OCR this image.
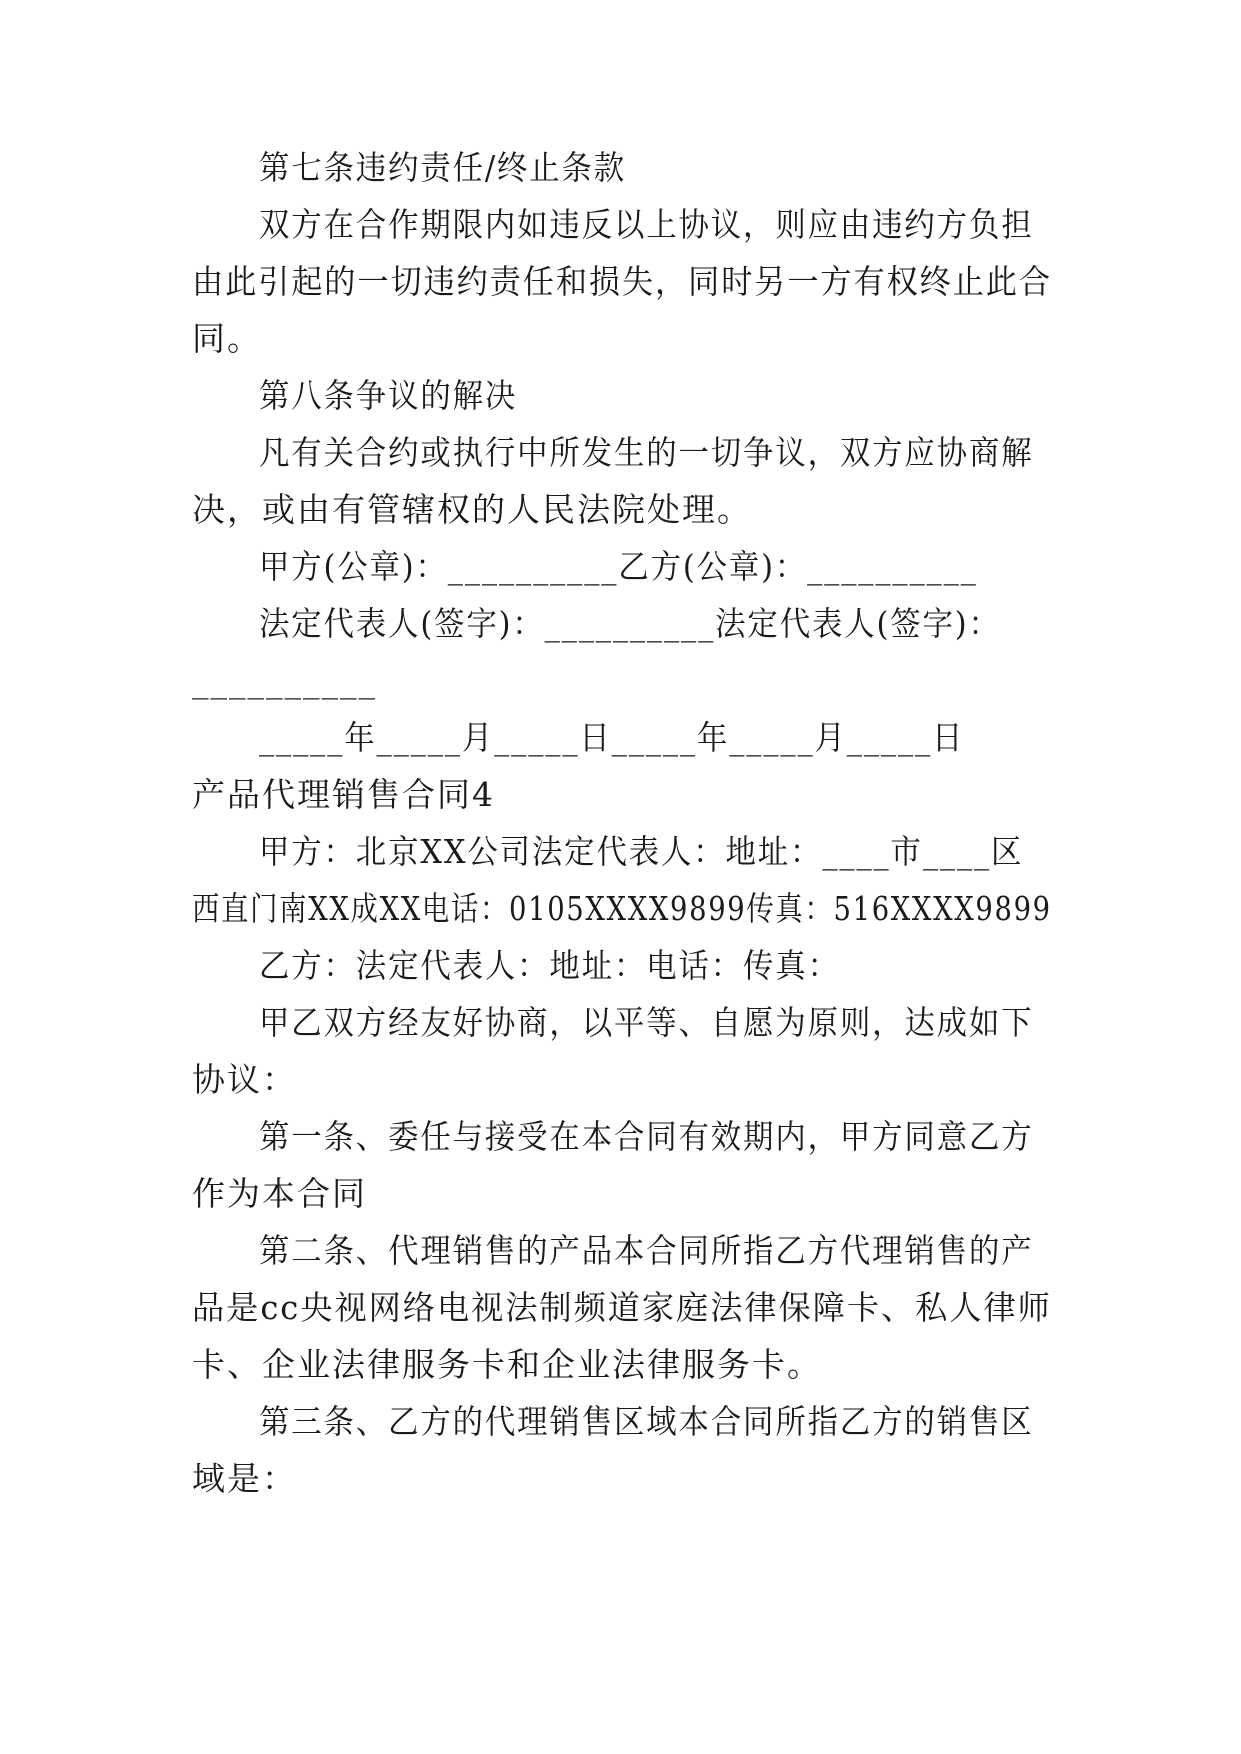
第七条违约责任/终止条款
双方在合作期限内如违反以上协议，则应由违约方负担
由此引起的一切违约责任和损失，同时另一方有权终止此合
同。
第八条争议的解决
凡有关合约或执行中所发生的一切争议，双方应协商解
决，或由有管辖权的人民法院处理。
甲方(公章)：__________乙方(公章)：__________
法定代表人(签字)：__________法定代表人(签字)：
__________
_____年_____月_____日_____年_____月_____日
产品代理销售合同4
甲方：北京XX公司法定代表人：地址：____市____区
西直门南XX成XX电话：0105XXXX9899传真：516XXXX9899
乙方：法定代表人：地址：电话：传真：
甲乙双方经友好协商，以平等、自愿为原则，达成如下
协议：
第一条、委任与接受在本合同有效期内，甲方同意乙方
作为本合同
第二条、代理销售的产品本合同所指乙方代理销售的产
品是cc央视网络电视法制频道家庭法律保障卡、私人律师
卡、企业法律服务卡和企业法律服务卡。
第三条、乙方的代理销售区域本合同所指乙方的销售区
域是：
